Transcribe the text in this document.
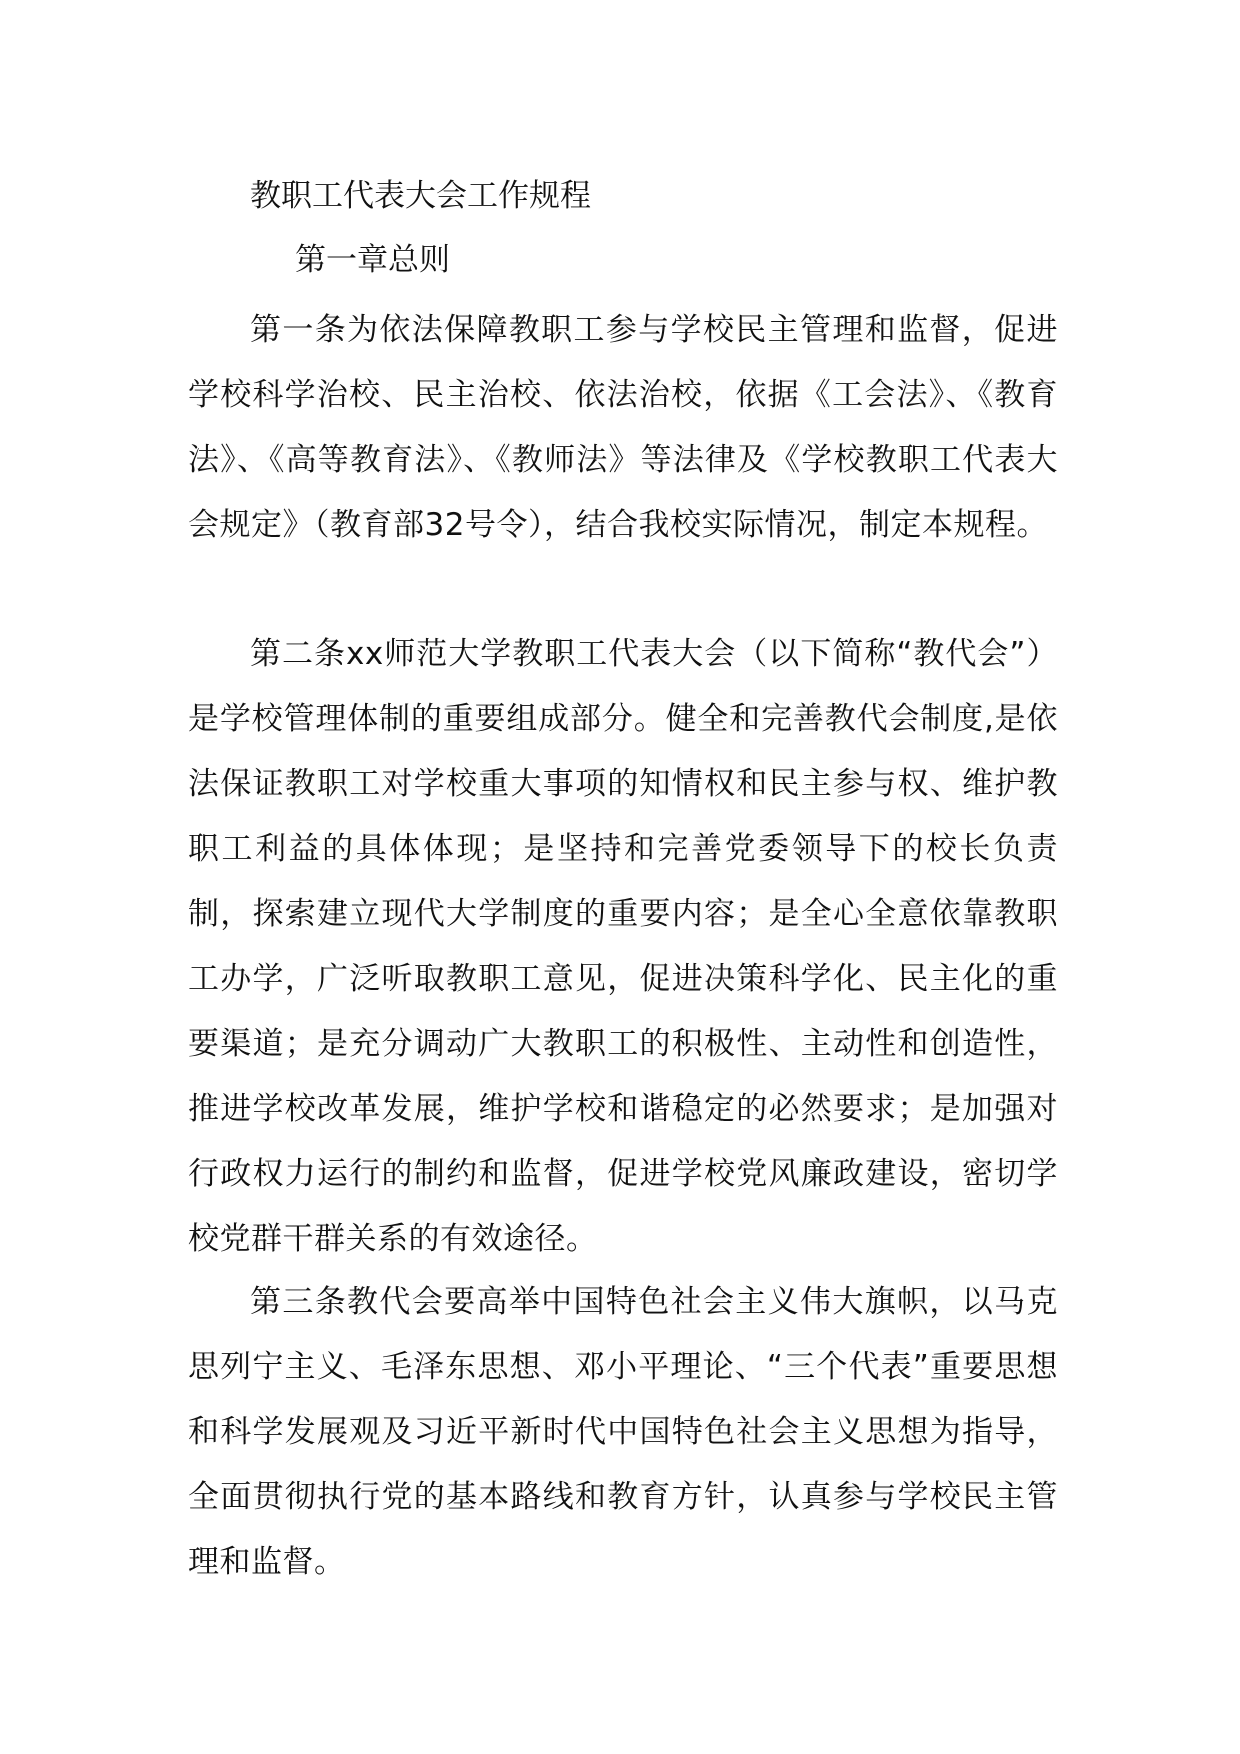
教职工代表大会工作规程
第一章总则

第一条为依法保障教职工参与学校民主管理和监督，促进学校科学治校、民主治校、依法治校，依据《工会法》、《教育法》、《高等教育法》、《教师法》等法律及《学校教职工代表大会规定》（教育部32号令），结合我校实际情况，制定本规程。

第二条xx师范大学教职工代表大会（以下简称“教代会”）是学校管理体制的重要组成部分。健全和完善教代会制度,是依法保证教职工对学校重大事项的知情权和民主参与权、维护教职工利益的具体体现；是坚持和完善党委领导下的校长负责制，探索建立现代大学制度的重要内容；是全心全意依靠教职工办学，广泛听取教职工意见，促进决策科学化、民主化的重要渠道；是充分调动广大教职工的积极性、主动性和创造性，推进学校改革发展，维护学校和谐稳定的必然要求；是加强对行政权力运行的制约和监督，促进学校党风廉政建设，密切学校党群干群关系的有效途径。

第三条教代会要高举中国特色社会主义伟大旗帜，以马克思列宁主义、毛泽东思想、邓小平理论、“三个代表”重要思想和科学发展观及习近平新时代中国特色社会主义思想为指导，全面贯彻执行党的基本路线和教育方针，认真参与学校民主管理和监督。
